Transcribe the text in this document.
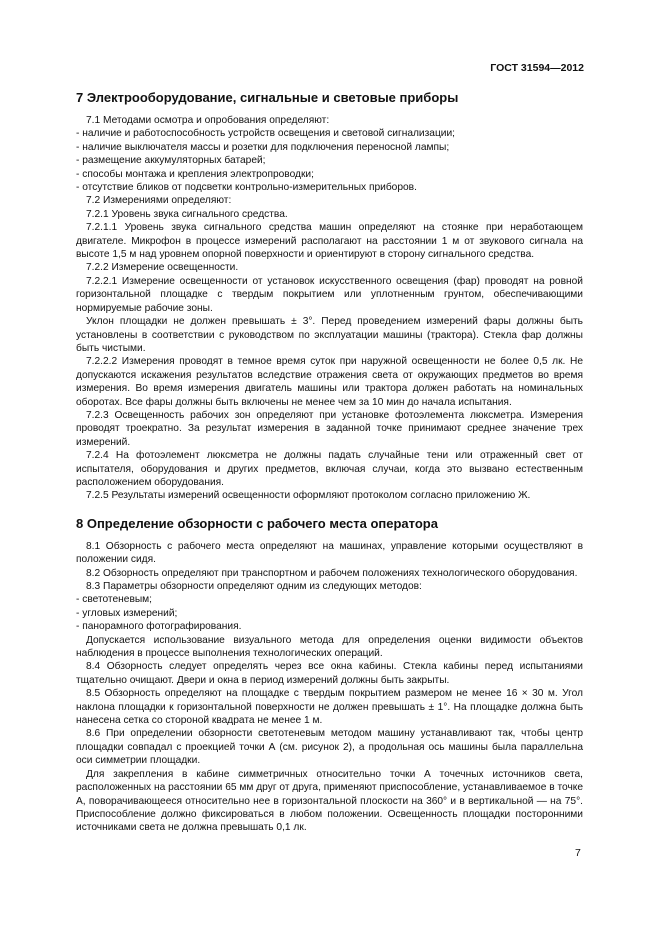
ГОСТ 31594—2012
7 Электрооборудование, сигнальные и световые приборы

7.1 Методами осмотра и опробования определяют:

- наличие и работоспособность устройств освещения и световой сигнализации;

- наличие выключателя массы и розетки для подключения переносной лампы;

- размещение аккумуляторных батарей;

- способы монтажа и крепления электропроводки;

- отсутствие бликов от подсветки контрольно-измерительных приборов.

7.2 Измерениями определяют:

7.2.1 Уровень звука сигнального средства.

7.2.1.1 Уровень звука сигнального средства машин определяют на стоянке при неработающем двигателе. Микрофон в процессе измерений располагают на расстоянии 1 м от звукового сигнала на высоте 1,5 м над уровнем опорной поверхности и ориентируют в сторону сигнального средства.

7.2.2 Измерение освещенности.

7.2.2.1 Измерение освещенности от установок искусственного освещения (фар) проводят на ровной горизонтальной площадке с твердым покрытием или уплотненным грунтом, обеспечивающими нормируемые рабочие зоны.

Уклон площадки не должен превышать ± 3°. Перед проведением измерений фары должны быть установлены в соответствии с руководством по эксплуатации машины (трактора). Стекла фар должны быть чистыми.

7.2.2.2 Измерения проводят в темное время суток при наружной освещенности не более 0,5 лк. Не допускаются искажения результатов вследствие отражения света от окружающих предметов во время измерения. Во время измерения двигатель машины или трактора должен работать на номинальных оборотах. Все фары должны быть включены не менее чем за 10 мин до начала испытания.

7.2.3 Освещенность рабочих зон определяют при установке фотоэлемента люксметра. Измерения проводят троекратно. За результат измерения в заданной точке принимают среднее значение трех измерений.

7.2.4 На фотоэлемент люксметра не должны падать случайные тени или отраженный свет от испытателя, оборудования и других предметов, включая случаи, когда это вызвано естественным расположением оборудования.

7.2.5 Результаты измерений освещенности оформляют протоколом согласно приложению Ж.

8 Определение обзорности с рабочего места оператора

8.1 Обзорность с рабочего места определяют на машинах, управление которыми осуществляют в положении сидя.

8.2 Обзорность определяют при транспортном и рабочем положениях технологического оборудования.

8.3 Параметры обзорности определяют одним из следующих методов:

- светотеневым;

- угловых измерений;

- панорамного фотографирования.

Допускается использование визуального метода для определения оценки видимости объектов наблюдения в процессе выполнения технологических операций.

8.4 Обзорность следует определять через все окна кабины. Стекла кабины перед испытаниями тщательно очищают. Двери и окна в период измерений должны быть закрыты.

8.5 Обзорность определяют на площадке с твердым покрытием размером не менее 16 × 30 м. Угол наклона площадки к горизонтальной поверхности не должен превышать ± 1°. На площадке должна быть нанесена сетка со стороной квадрата не менее 1 м.

8.6 При определении обзорности светотеневым методом машину устанавливают так, чтобы центр площадки совпадал с проекцией точки А (см. рисунок 2), а продольная ось машины была параллельна оси симметрии площадки.

Для закрепления в кабине симметричных относительно точки А точечных источников света, расположенных на расстоянии 65 мм друг от друга, применяют приспособление, устанавливаемое в точке А, поворачивающееся относительно нее в горизонтальной плоскости на 360° и в вертикальной — на 75°. Приспособление должно фиксироваться в любом положении. Освещенность площадки посторонними источниками света не должна превышать 0,1 лк.

7
